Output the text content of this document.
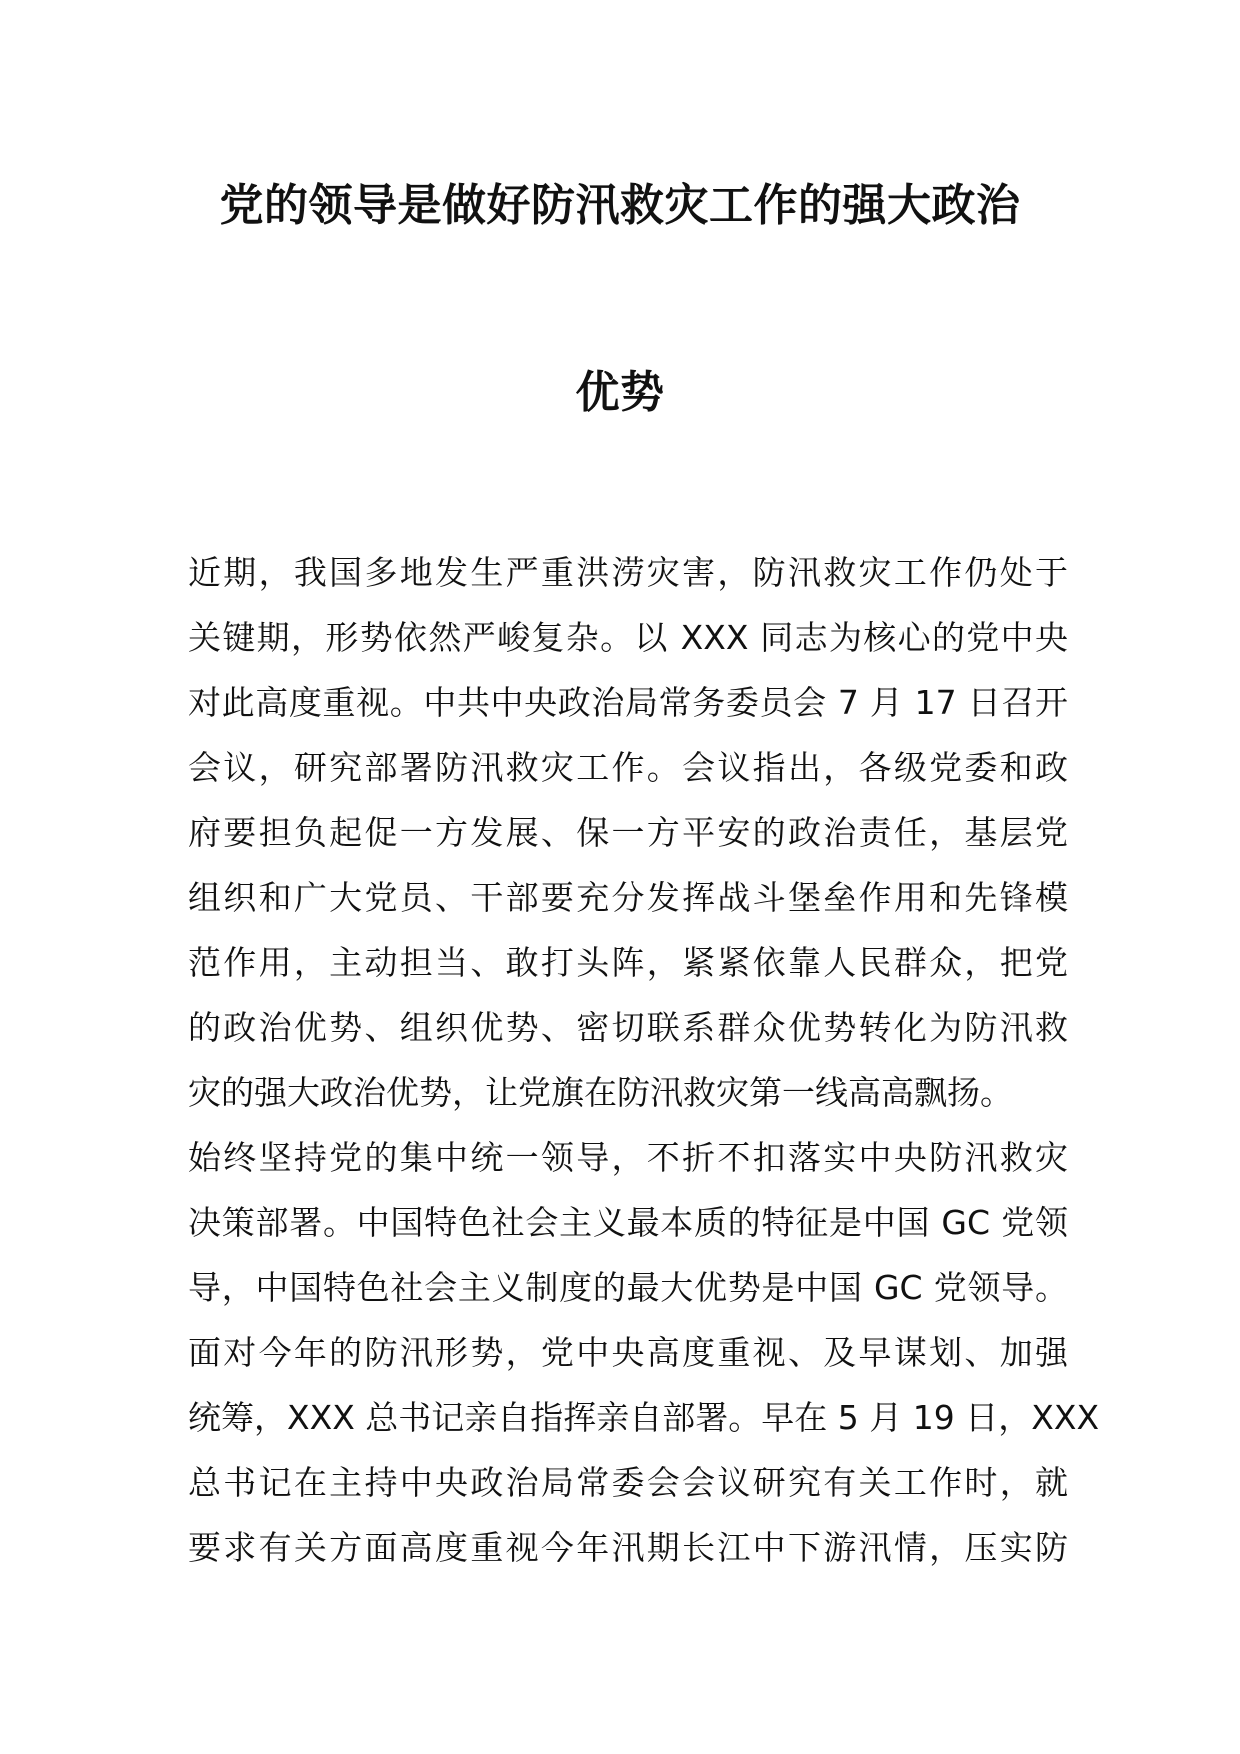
党的领导是做好防汛救灾工作的强大政治
优势
近期，我国多地发生严重洪涝灾害，防汛救灾工作仍处于
关键期，形势依然严峻复杂。以 XXX 同志为核心的党中央
对此高度重视。中共中央政治局常务委员会 7 月 17 日召开
会议，研究部署防汛救灾工作。会议指出，各级党委和政
府要担负起促一方发展、保一方平安的政治责任，基层党
组织和广大党员、干部要充分发挥战斗堡垒作用和先锋模
范作用，主动担当、敢打头阵，紧紧依靠人民群众，把党
的政治优势、组织优势、密切联系群众优势转化为防汛救
灾的强大政治优势，让党旗在防汛救灾第一线高高飘扬。
始终坚持党的集中统一领导，不折不扣落实中央防汛救灾
决策部署。中国特色社会主义最本质的特征是中国 GC 党领
导，中国特色社会主义制度的最大优势是中国 GC 党领导。
面对今年的防汛形势，党中央高度重视、及早谋划、加强
统筹，XXX 总书记亲自指挥亲自部署。早在 5 月 19 日，XXX
总书记在主持中央政治局常委会会议研究有关工作时，就
要求有关方面高度重视今年汛期长江中下游汛情，压实防
